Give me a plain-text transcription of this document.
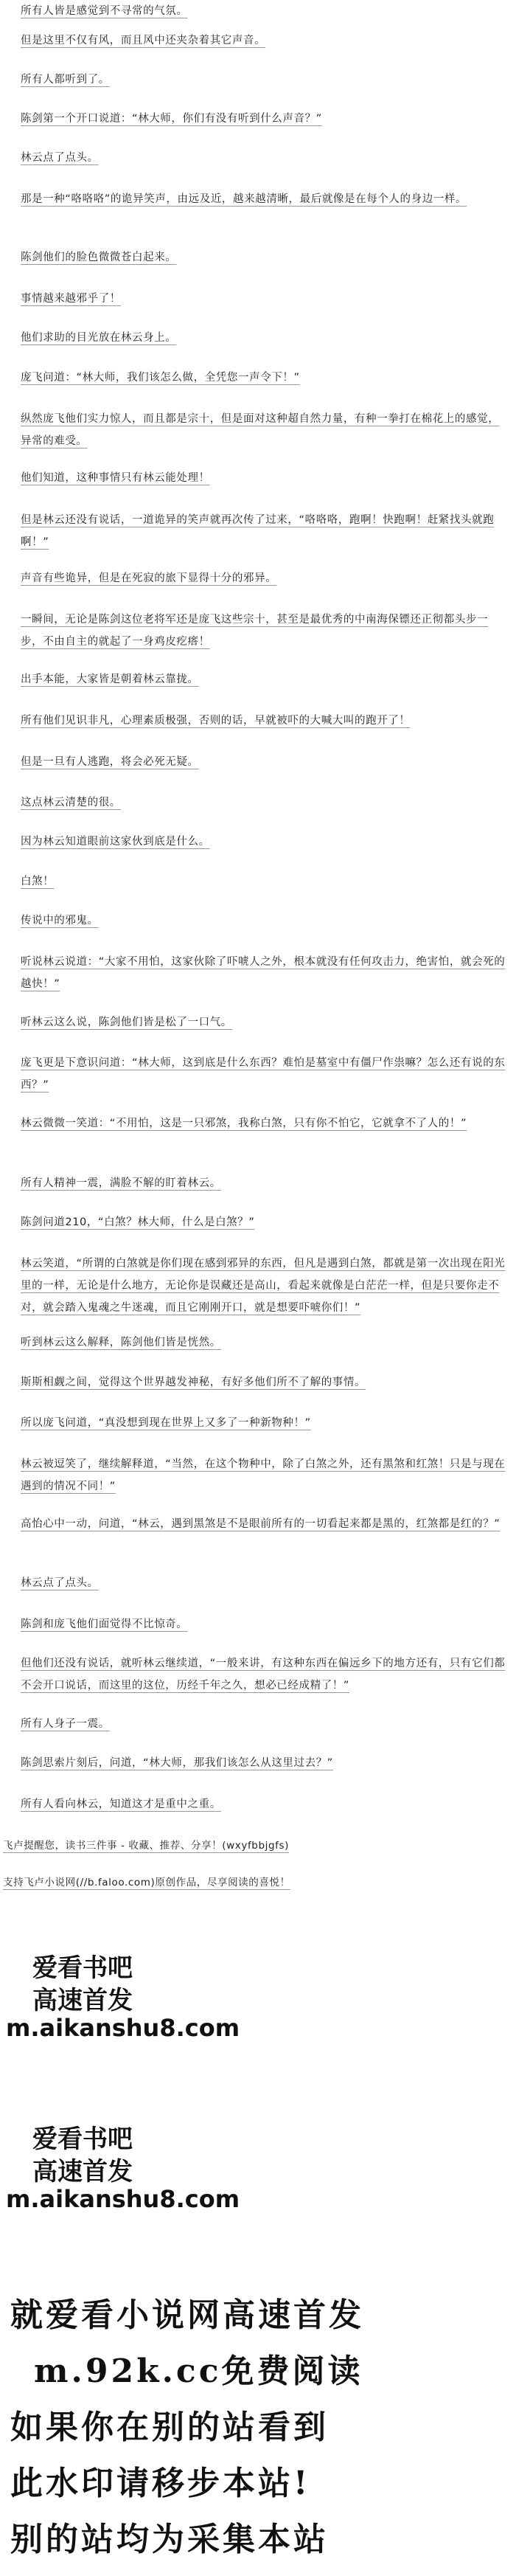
所有人皆是感觉到不寻常的气氛。

但是这里不仅有风，而且风中还夹杂着其它声音。

所有人都听到了。

陈剑第一个开口说道：“林大师，你们有没有听到什么声音？”

林云点了点头。

那是一种“咯咯咯”的诡异笑声，由远及近，越来越清晰，最后就像是在每个人的身边一样。

陈剑他们的脸色微微苍白起来。

事情越来越邪乎了！

他们求助的目光放在林云身上。

庞飞问道：“林大师，我们该怎么做，全凭您一声令下！”

纵然庞飞他们实力惊人，而且都是宗十，但是面对这种超自然力量，有种一拳打在棉花上的感觉，异常的难受。

他们知道，这种事情只有林云能处理！

但是林云还没有说话，一道诡异的笑声就再次传了过来，“咯咯咯，跑啊！快跑啊！赶紧找头就跑啊！”

声音有些诡异，但是在死寂的旅下显得十分的邪异。

一瞬间，无论是陈剑这位老将军还是庞飞这些宗十，甚至是最优秀的中南海保镖还正彻都头步一步，不由自主的就起了一身鸡皮疙瘩！

出手本能，大家皆是朝着林云靠拢。

所有他们见识非凡，心理素质极强，否则的话，早就被吓的大喊大叫的跑开了！

但是一旦有人逃跑，将会必死无疑。

这点林云清楚的很。

因为林云知道眼前这家伙到底是什么。

白煞！

传说中的邪鬼。

听说林云说道：“大家不用怕，这家伙除了吓唬人之外，根本就没有任何攻击力，绝害怕，就会死的越快！”

听林云这么说，陈剑他们皆是松了一口气。

庞飞更是下意识问道：“林大师，这到底是什么东西？难怕是墓室中有僵尸作祟嘛？怎么还有说的东西？”

林云微微一笑道：“不用怕，这是一只邪煞，我称白煞，只有你不怕它，它就拿不了人的！”

所有人精神一震，满脸不解的盯着林云。

陈剑问道210，“白煞？林大师，什么是白煞？”

林云笑道，“所谓的白煞就是你们现在感到邪异的东西，但凡是遇到白煞，都就是第一次出现在阳光里的一样，无论是什么地方，无论你是误藏还是高山，看起来就像是白茫茫一样，但是只要你走不对，就会踏入鬼魂之牛迷魂，而且它刚刚开口，就是想要吓唬你们！”

听到林云这么解释，陈剑他们皆是恍然。

斯斯相觑之间，觉得这个世界越发神秘，有好多他们所不了解的事情。

所以庞飞问道，“真没想到现在世界上又多了一种新物种！”

林云被逗笑了，继续解释道，“当然，在这个物种中，除了白煞之外，还有黑煞和红煞！只是与现在遇到的情况不同！”

高怡心中一动，问道，“林云，遇到黑煞是不是眼前所有的一切看起来都是黑的，红煞都是红的？”

林云点了点头。

陈剑和庞飞他们面觉得不比惊奇。

但他们还没有说话，就听林云继续道，“一般来讲，有这种东西在偏远乡下的地方还有，只有它们都不会开口说话，而这里的这位，历经千年之久，想必已经成精了！”

所有人身子一震。

陈剑思索片刻后，问道，“林大师，那我们该怎么从这里过去？”

所有人看向林云，知道这才是重中之重。

飞卢提醒您，读书三件事 - 收藏、推荐、分享！(wxyfbbjgfs)

支持飞卢小说网(//b.faloo.com)原创作品，尽享阅读的喜悦！

爱看书吧
高速首发
m.aikanshu8.com
爱看书吧
高速首发
m.aikanshu8.com
就爱看小说网高速首发
m.92k.cc免费阅读
如果你在别的站看到
此水印请移步本站!
别的站均为采集本站
